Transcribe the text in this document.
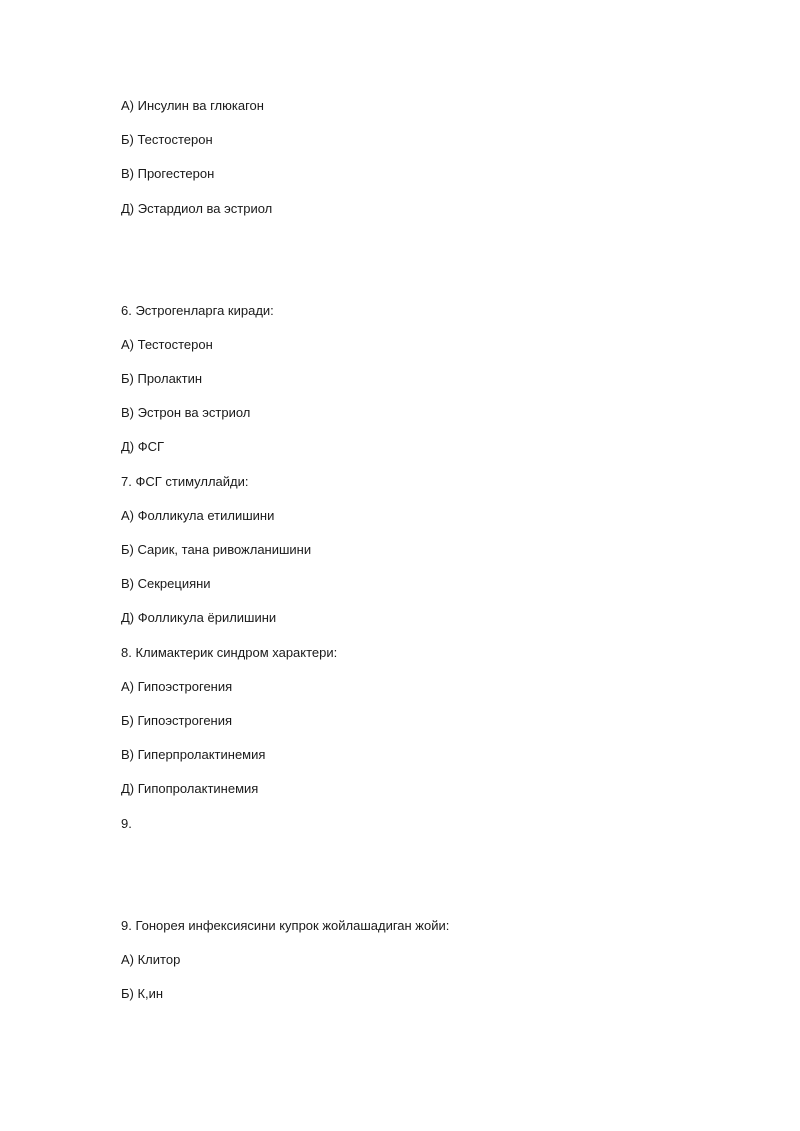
А) Инсулин ва глюкагон
Б) Тестостерон
В) Прогестерон
Д) Эстардиол ва эстриол
6. Эстрогенларга киради:
А) Тестостерон
Б) Пролактин
В) Эстрон ва эстриол
Д) ФСГ
7. ФСГ стимуллайди:
А) Фолликула етилишини
Б) Сарик, тана ривожланишини
В) Секрецияни
Д) Фолликула ёрилишини
8. Климактерик синдром характери:
А) Гипоэстрогения
Б) Гипоэстрогения
В) Гиперпролактинемия
Д) Гипопролактинемия
9.
9. Гонорея инфексиясини купрок жойлашадиган жойи:
А) Клитор
Б) К,ин
